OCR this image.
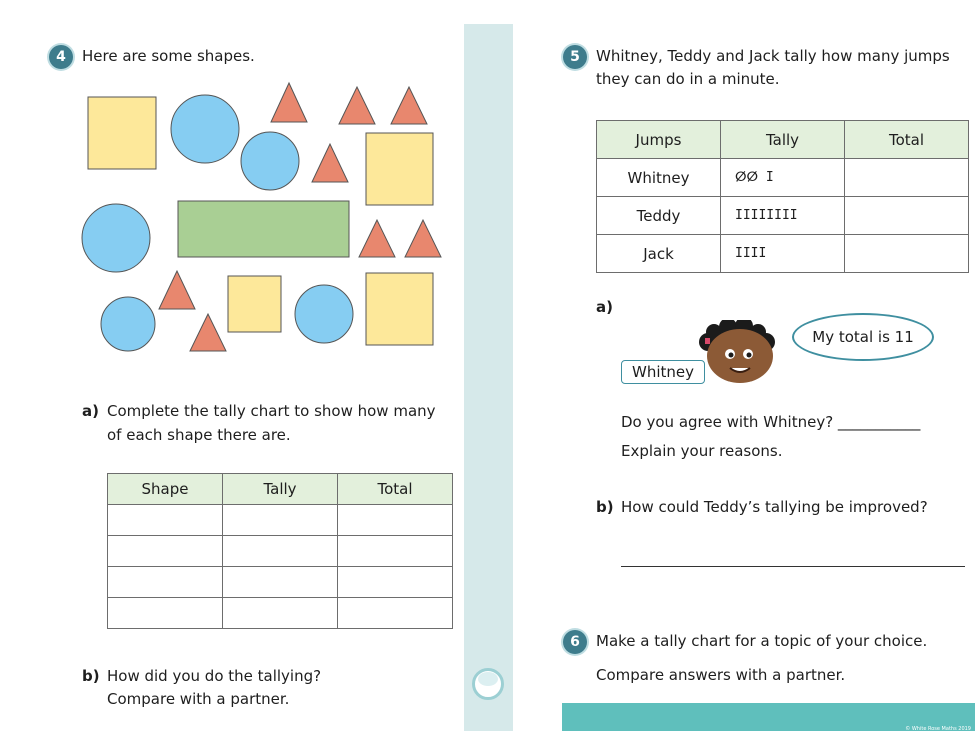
4	Here are some shapes.
a) Complete the tally chart to show how many
of each shape there are.
Shape	Tally	Total

b) How did you do the tallying?
Compare with a partner.
5	Whitney, Teddy and Jack tally how many jumps
they can do in a minute.
Jumps	Tally	Total
Whitney	ⵁⵁ I	
Teddy	IIIIIIII	
Jack	IIII	
a)
My total is 11
Whitney
Do you agree with Whitney? ___________
Explain your reasons.
b) How could Teddy’s tallying be improved?
6	Make a tally chart for a topic of your choice.
Compare answers with a partner.
© White Rose Maths 2019
